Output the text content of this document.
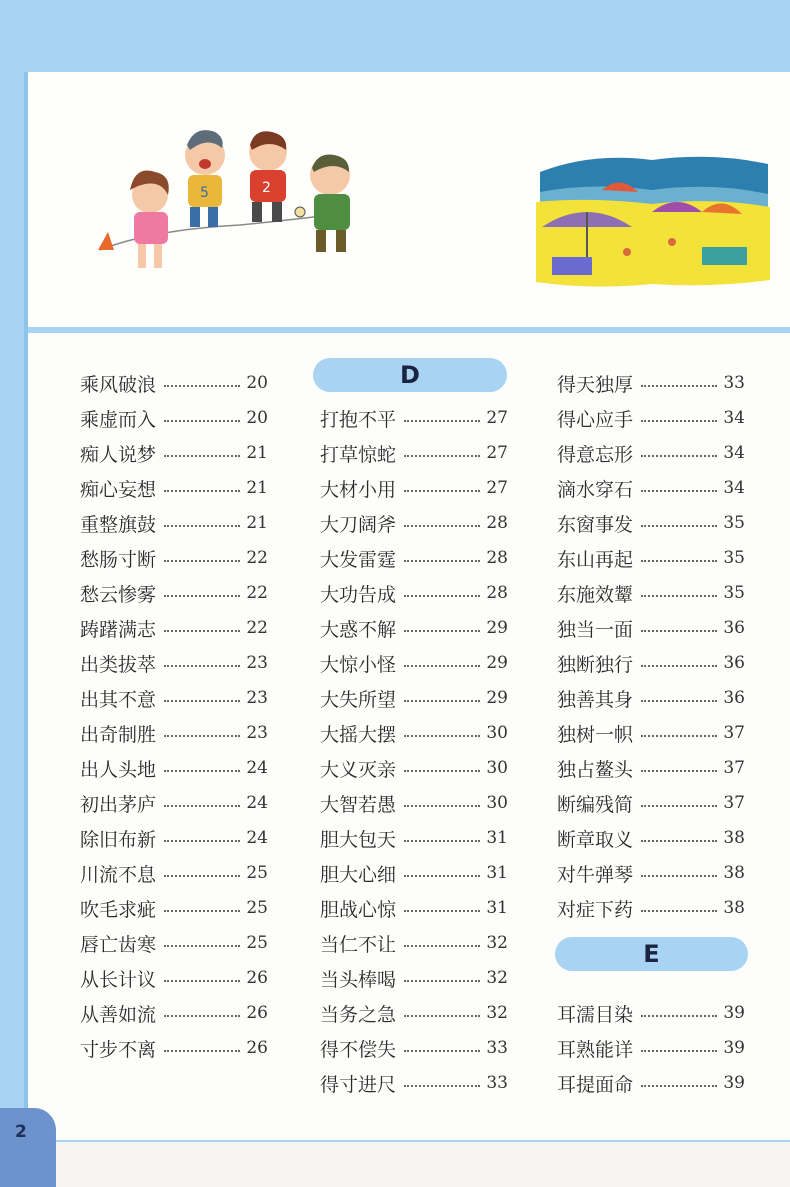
5	2
乘风破浪	20
乘虚而入	20
痴人说梦	21
痴心妄想	21
重整旗鼓	21
愁肠寸断	22
愁云惨雾	22
踌躇满志	22
出类拔萃	23
出其不意	23
出奇制胜	23
出人头地	24
初出茅庐	24
除旧布新	24
川流不息	25
吹毛求疵	25
唇亡齿寒	25
从长计议	26
从善如流	26
寸步不离	26
D
打抱不平	27
打草惊蛇	27
大材小用	27
大刀阔斧	28
大发雷霆	28
大功告成	28
大惑不解	29
大惊小怪	29
大失所望	29
大摇大摆	30
大义灭亲	30
大智若愚	30
胆大包天	31
胆大心细	31
胆战心惊	31
当仁不让	32
当头棒喝	32
当务之急	32
得不偿失	33
得寸进尺	33
得天独厚	33
得心应手	34
得意忘形	34
滴水穿石	34
东窗事发	35
东山再起	35
东施效颦	35
独当一面	36
独断独行	36
独善其身	36
独树一帜	37
独占鳌头	37
断编残简	37
断章取义	38
对牛弹琴	38
对症下药	38
E
耳濡目染	39
耳熟能详	39
耳提面命	39
2
